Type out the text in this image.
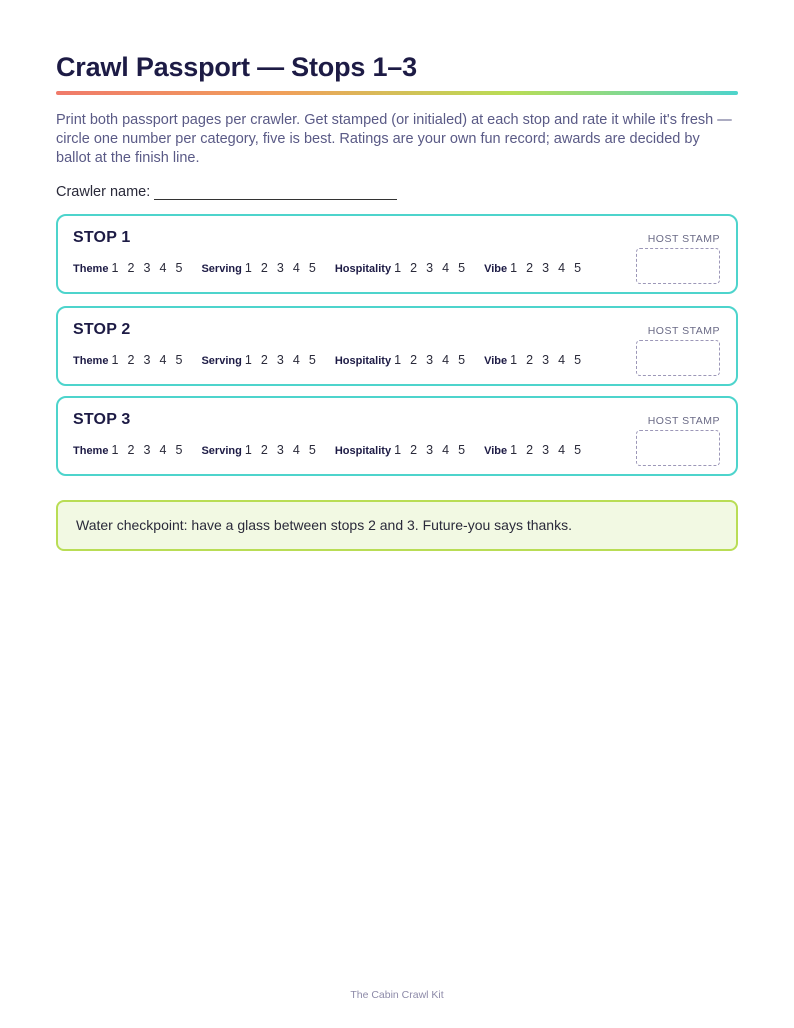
Crawl Passport — Stops 1–3

Print both passport pages per crawler. Get stamped (or initialed) at each stop and rate it while it's fresh — circle one number per category, five is best. Ratings are your own fun record; awards are decided by ballot at the finish line.

Crawler name:
STOP 1
Theme 1 2 3 4 5 Serving 1 2 3 4 5 Hospitality 1 2 3 4 5 Vibe 1 2 3 4 5
HOST STAMP
STOP 2
Theme 1 2 3 4 5 Serving 1 2 3 4 5 Hospitality 1 2 3 4 5 Vibe 1 2 3 4 5
HOST STAMP
STOP 3
Theme 1 2 3 4 5 Serving 1 2 3 4 5 Hospitality 1 2 3 4 5 Vibe 1 2 3 4 5
HOST STAMP
Water checkpoint: have a glass between stops 2 and 3. Future-you says thanks.
The Cabin Crawl Kit
